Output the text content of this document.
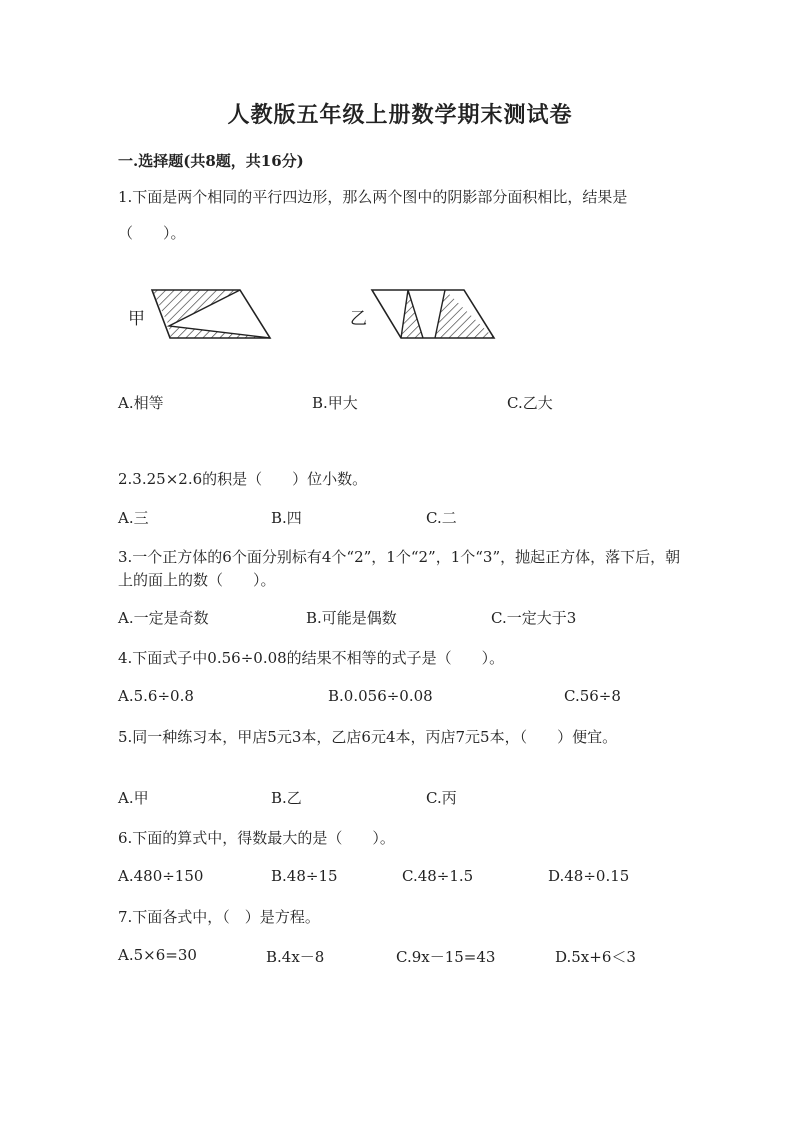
人教版五年级上册数学期末测试卷
一.选择题(共8题，共16分)
1.下面是两个相同的平行四边形，那么两个图中的阴影部分面积相比，结果是
（　　）。
甲	乙
A.相等	B.甲大	C.乙大
2.3.25×2.6的积是（　　）位小数。
A.三	B.四	C.二
3.一个正方体的6个面分别标有4个“2”，1个“2”，1个“3”，抛起正方体，落下后，朝上的面上的数（　　）。
A.一定是奇数	B.可能是偶数	C.一定大于3
4.下面式子中0.56÷0.08的结果不相等的式子是（　　）。
A.5.6÷0.8	B.0.056÷0.08	C.56÷8
5.同一种练习本，甲店5元3本，乙店6元4本，丙店7元5本，（　　）便宜。
A.甲	B.乙	C.丙
6.下面的算式中，得数最大的是（　　）。
A.480÷150	B.48÷15	C.48÷1.5	D.48÷0.15
7.下面各式中，（　）是方程。
A.5×6=30	B.4x－8	C.9x－15=43	D.5x+6＜3
